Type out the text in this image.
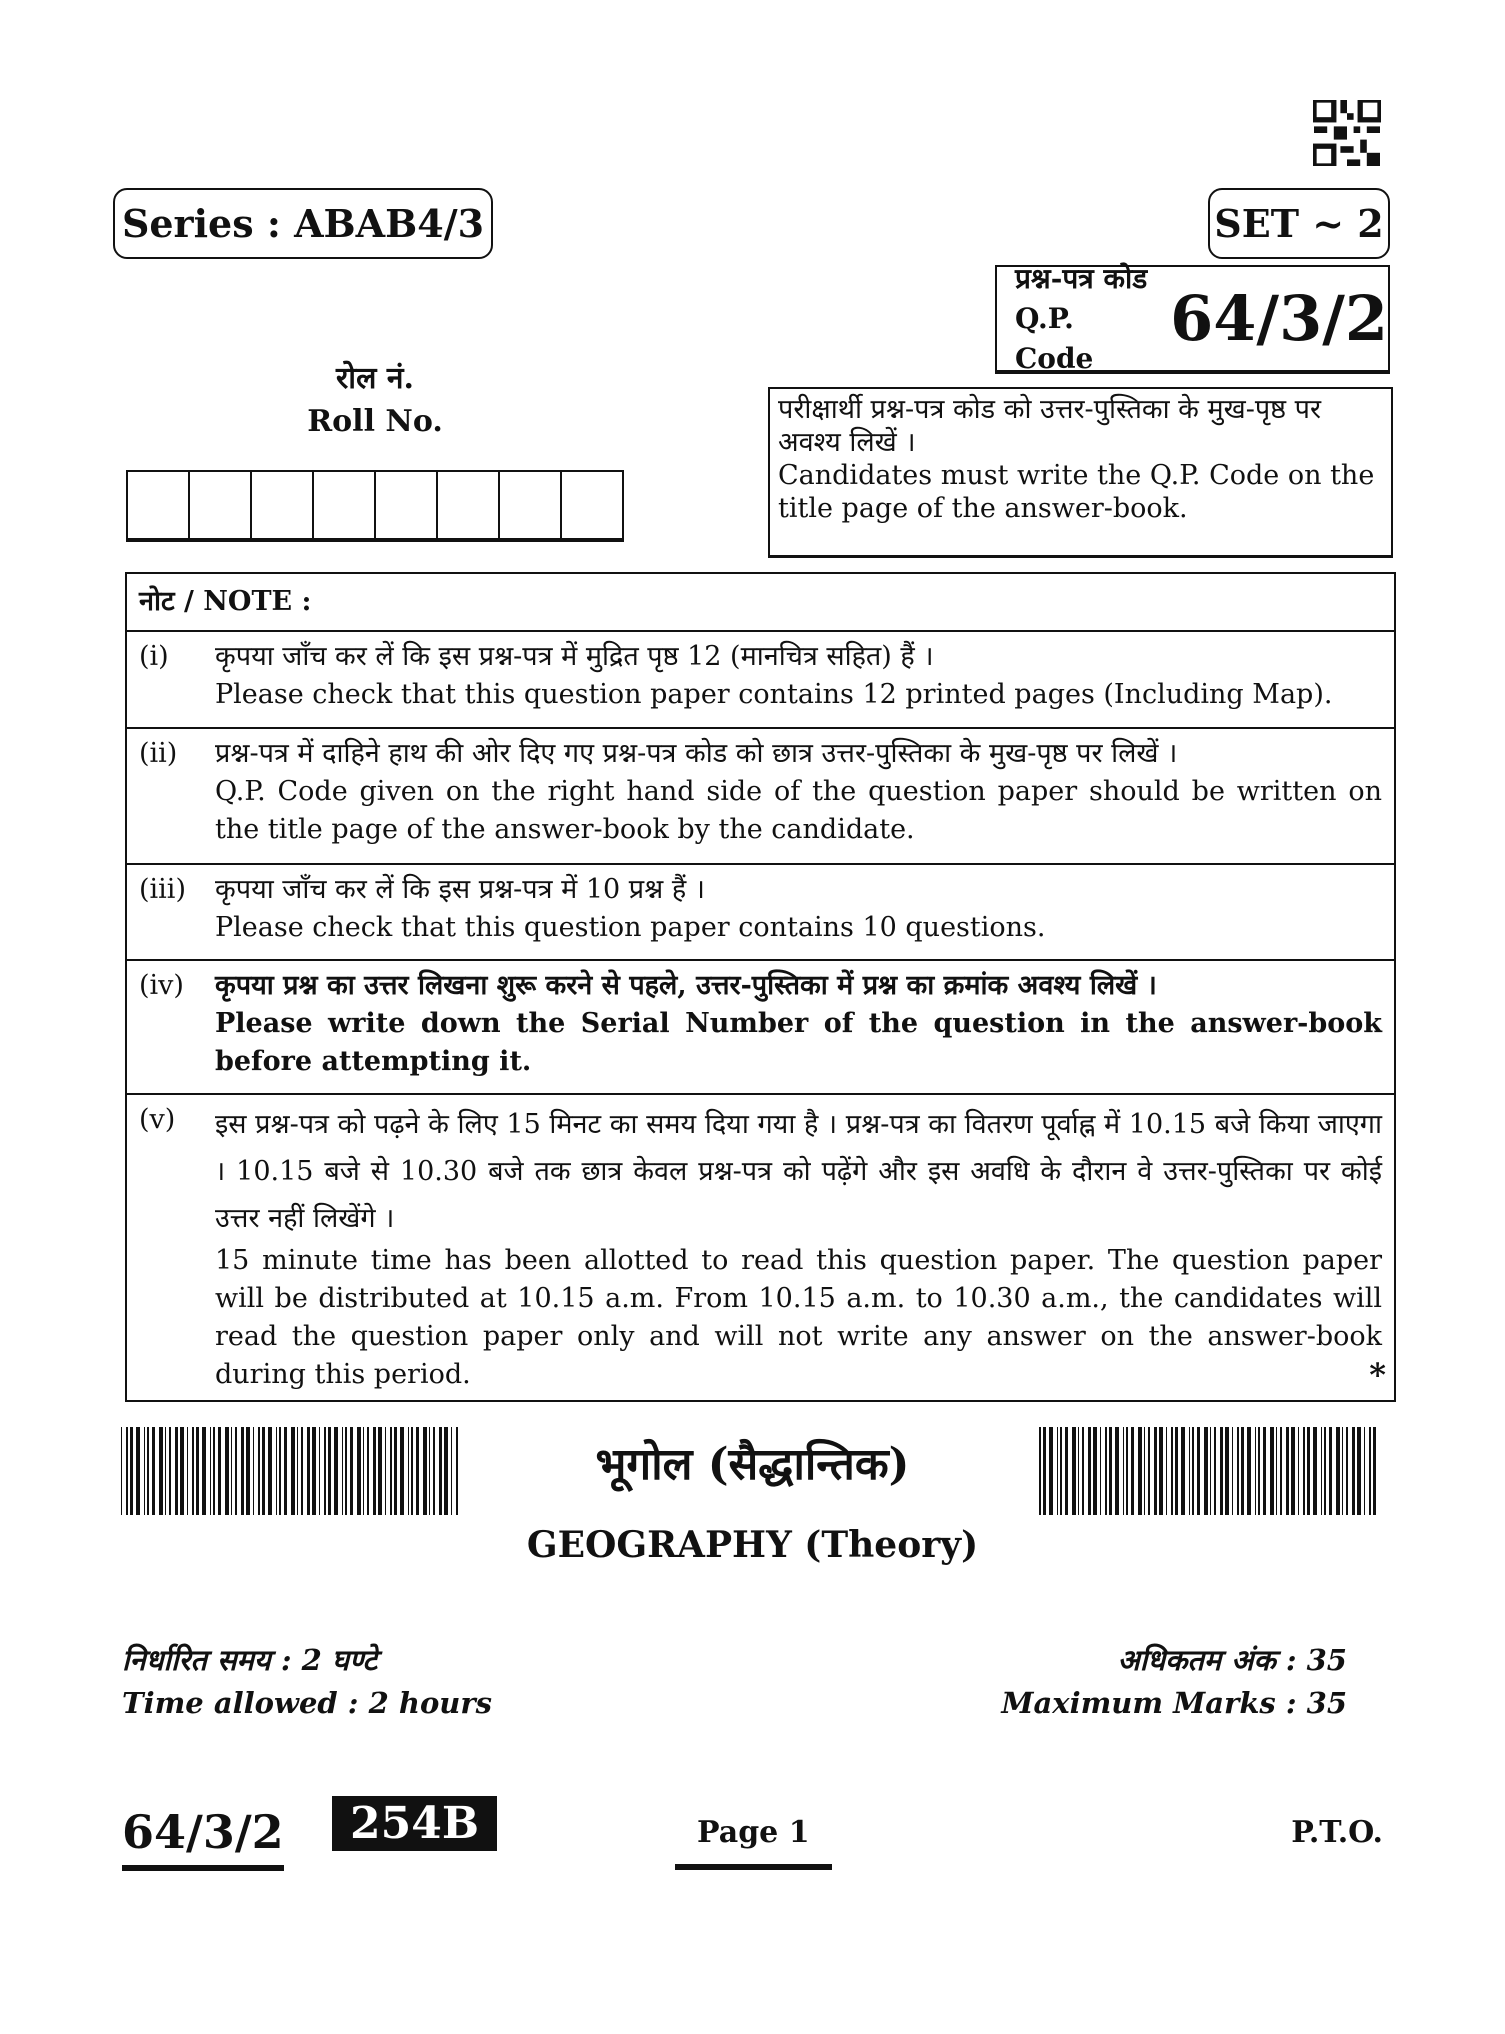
Series : ABAB4/3	SET ~ 2
प्रश्न-पत्र कोड
Q.P. Code
64/3/2
रोल नं.
Roll No.	परीक्षार्थी प्रश्न-पत्र कोड को उत्तर-पुस्तिका के मुख-पृष्ठ पर अवश्य लिखें ।
Candidates must write the Q.P. Code on the title page of the answer-book.
नोट / NOTE :
(i)	कृपया जाँच कर लें कि इस प्रश्न-पत्र में मुद्रित पृष्ठ 12 (मानचित्र सहित) हैं ।

Please check that this question paper contains 12 printed pages (Including Map).

(ii)	प्रश्न-पत्र में दाहिने हाथ की ओर दिए गए प्रश्न-पत्र कोड को छात्र उत्तर-पुस्तिका के मुख-पृष्ठ पर लिखें ।

Q.P. Code given on the right hand side of the question paper should be written on the title page of the answer-book by the candidate.

(iii)	कृपया जाँच कर लें कि इस प्रश्न-पत्र में 10 प्रश्न हैं ।

Please check that this question paper contains 10 questions.

(iv)	कृपया प्रश्न का उत्तर लिखना शुरू करने से पहले, उत्तर-पुस्तिका में प्रश्न का क्रमांक अवश्य लिखें ।

Please write down the Serial Number of the question in the answer-book before attempting it.

(v)	इस प्रश्न-पत्र को पढ़ने के लिए 15 मिनट का समय दिया गया है । प्रश्न-पत्र का वितरण पूर्वाह्न में 10.15 बजे किया जाएगा । 10.15 बजे से 10.30 बजे तक छात्र केवल प्रश्न-पत्र को पढ़ेंगे और इस अवधि के दौरान वे उत्तर-पुस्तिका पर कोई उत्तर नहीं लिखेंगे ।

15 minute time has been allotted to read this question paper. The question paper will be distributed at 10.15 a.m. From 10.15 a.m. to 10.30 a.m., the candidates will read the question paper only and will not write any answer on the answer-book during this period.	*
भूगोल (सैद्धान्तिक)
GEOGRAPHY (Theory)
निर्धारित समय : 2 घण्टे
Time allowed : 2 hours
अधिकतम अंक : 35
Maximum Marks : 35
64/3/2	254B	Page 1	P.T.O.
